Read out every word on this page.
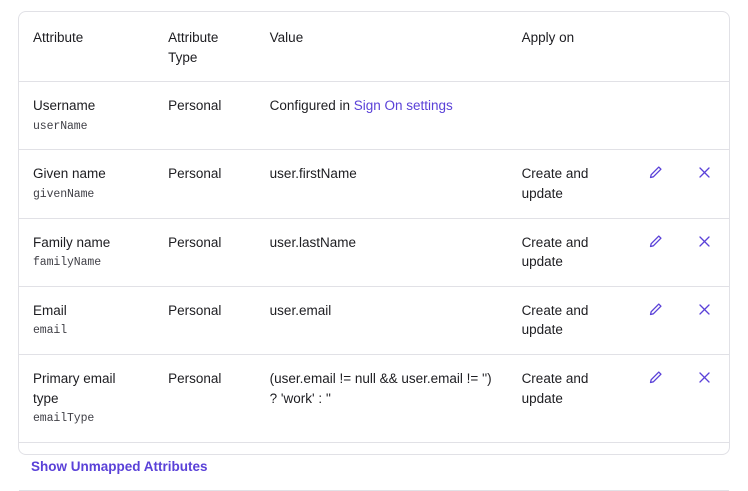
Attribute	Attribute Type	Value	Apply on		

Username
userName	Personal	Configured in Sign On settings			

Given name
givenName	Personal	user.firstName	Create and update	

Family name
familyName	Personal	user.lastName	Create and update	

Email
email	Personal	user.email	Create and update	

Primary email type
emailType	Personal	(user.email != null && user.email != '') ? 'work' : ''	Create and update	

Show Unmapped Attributes					
